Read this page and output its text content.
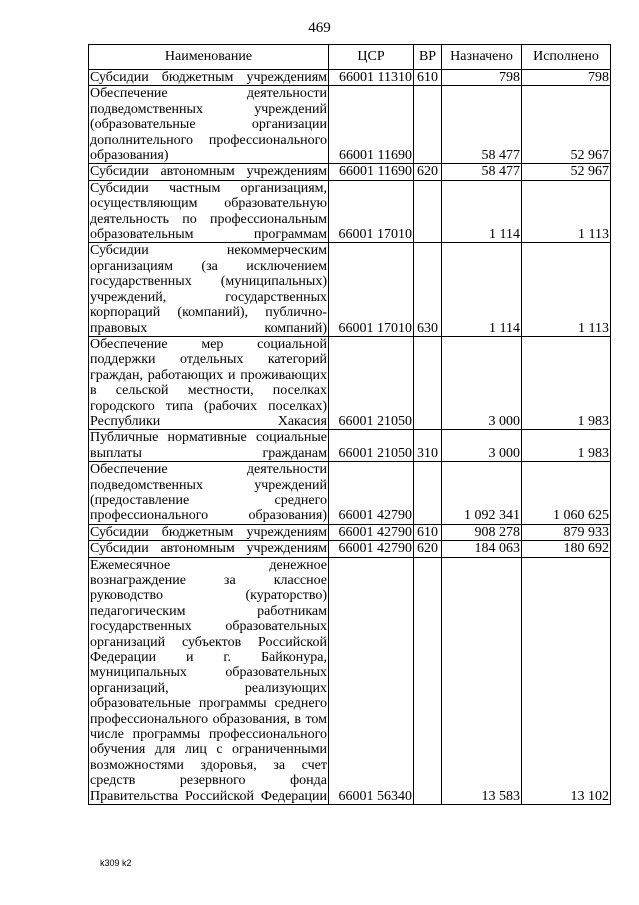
469
Наименование	ЦСР	ВР	Назначено	Исполнено
Субсидии бюджетным учреждениям	66001 11310	610	798	798
Обеспечение деятельности подведомственных учреждений (образовательные организации дополнительного профессионального образования)	66001 11690		58 477	52 967
Субсидии автономным учреждениям	66001 11690	620	58 477	52 967
Субсидии частным организациям, осуществляющим образовательную деятельность по профессиональным образовательным программам	66001 17010		1 114	1 113
Субсидии некоммерческим организациям (за исключением государственных (муниципальных) учреждений, государственных корпораций (компаний), публично-правовых компаний)	66001 17010	630	1 114	1 113
Обеспечение мер социальной поддержки отдельных категорий граждан, работающих и проживающих в сельской местности, поселках городского типа (рабочих поселках) Республики Хакасия	66001 21050		3 000	1 983
Публичные нормативные социальные выплаты гражданам	66001 21050	310	3 000	1 983
Обеспечение деятельности подведомственных учреждений (предоставление среднего профессионального образования)	66001 42790		1 092 341	1 060 625
Субсидии бюджетным учреждениям	66001 42790	610	908 278	879 933
Субсидии автономным учреждениям	66001 42790	620	184 063	180 692
Ежемесячное денежное вознаграждение за классное руководство (кураторство) педагогическим работникам государственных образовательных организаций субъектов Российской Федерации и г. Байконура, муниципальных образовательных организаций, реализующих образовательные программы среднего профессионального образования, в том числе программы профессионального обучения для лиц с ограниченными возможностями здоровья, за счет средств резервного фонда Правительства Российской Федерации	66001 56340		13 583	13 102
k309 k2
